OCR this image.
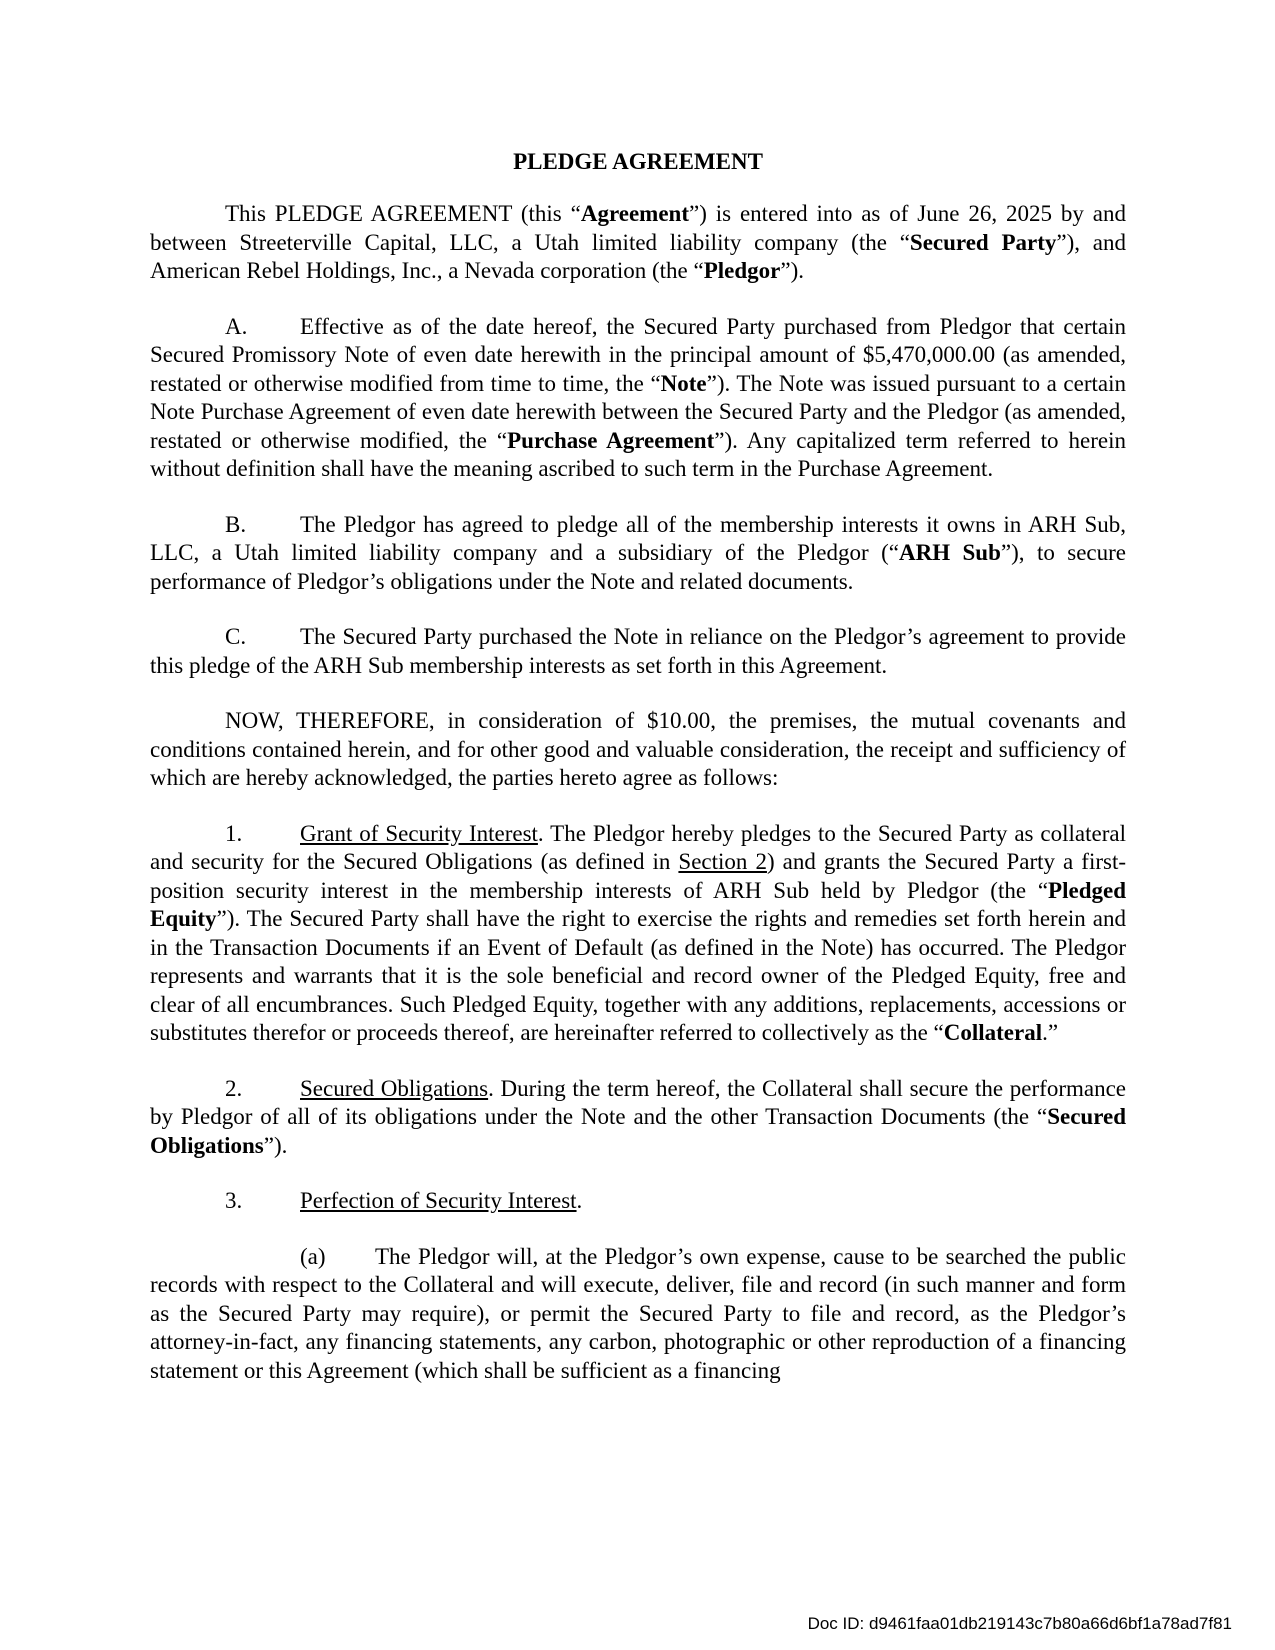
PLEDGE AGREEMENT

This PLEDGE AGREEMENT (this “Agreement”) is entered into as of June 26, 2025 by and between Streeterville Capital, LLC, a Utah limited liability company (the “Secured Party”), and American Rebel Holdings, Inc., a Nevada corporation (the “Pledgor”).

A. Effective as of the date hereof, the Secured Party purchased from Pledgor that certain Secured Promissory Note of even date herewith in the principal amount of $5,470,000.00 (as amended, restated or otherwise modified from time to time, the “Note”). The Note was issued pursuant to a certain Note Purchase Agreement of even date herewith between the Secured Party and the Pledgor (as amended, restated or otherwise modified, the “Purchase Agreement”). Any capitalized term referred to herein without definition shall have the meaning ascribed to such term in the Purchase Agreement.

B. The Pledgor has agreed to pledge all of the membership interests it owns in ARH Sub, LLC, a Utah limited liability company and a subsidiary of the Pledgor (“ARH Sub”), to secure performance of Pledgor’s obligations under the Note and related documents.

C. The Secured Party purchased the Note in reliance on the Pledgor’s agreement to provide this pledge of the ARH Sub membership interests as set forth in this Agreement.

NOW, THEREFORE, in consideration of $10.00, the premises, the mutual covenants and conditions contained herein, and for other good and valuable consideration, the receipt and sufficiency of which are hereby acknowledged, the parties hereto agree as follows:

1.	Grant of Security Interest. The Pledgor hereby pledges to the Secured Party as collateral and security for the Secured Obligations (as defined in Section 2) and grants the Secured Party a first-position security interest in the membership interests of ARH Sub held by Pledgor (the “Pledged Equity”). The Secured Party shall have the right to exercise the rights and remedies set forth herein and in the Transaction Documents if an Event of Default (as defined in the Note) has occurred. The Pledgor represents and warrants that it is the sole beneficial and record owner of the Pledged Equity, free and clear of all encumbrances. Such Pledged Equity, together with any additions, replacements, accessions or substitutes therefor or proceeds thereof, are hereinafter referred to collectively as the “Collateral.”

2.	Secured Obligations. During the term hereof, the Collateral shall secure the performance by Pledgor of all of its obligations under the Note and the other Transaction Documents (the “Secured Obligations”).

3.	Perfection of Security Interest.

(a) The Pledgor will, at the Pledgor’s own expense, cause to be searched the public records with respect to the Collateral and will execute, deliver, file and record (in such manner and form as the Secured Party may require), or permit the Secured Party to file and record, as the Pledgor’s attorney-in-fact, any financing statements, any carbon, photographic or other reproduction of a financing statement or this Agreement (which shall be sufficient as a financing

Doc ID: d9461faa01db219143c7b80a66d6bf1a78ad7f81
